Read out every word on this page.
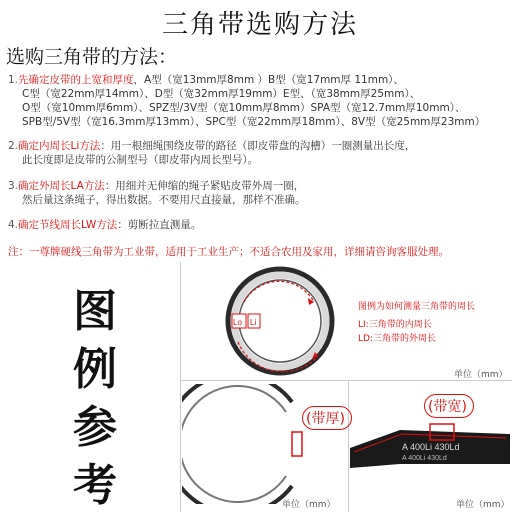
三角带选购方法
选购三角带的方法：

1.先确定皮带的上宽和厚度，A型（宽13mm厚8mm ）B型（宽17mm厚 11mm）、

C型（宽22mm厚14mm）、D型（宽32mm厚19mm）E型、（宽38mm厚25mm）、

O型（宽10mm厚6mm）、SPZ型/3V型（宽10mm厚8mm）SPA型（宽12.7mm厚10mm）、

SPB型/5V型（宽16.3mm厚13mm）、SPC型（宽22mm厚18mm）、8V型（宽25mm厚23mm）

2.确定内周长Li方法：用一根细绳围绕皮带的路径（即皮带盘的沟槽）一圈测量出长度，

此长度即是皮带的公制型号（即皮带内周长型号）。

3.确定外周长LA方法：用细并无伸缩的绳子紧贴皮带外周一圈，

然后量这条绳子，得出数据。不要用尺直接量，那样不准确。

4.确定节线周长LW方法：剪断拉直测量。

注：一尊牌硬线三角带为工业带，适用于工业生产；不适合农用及家用，详细请咨询客服处理。
图
例
参
考
Lo Li
图例为如何测量三角带的周长
LI:三角带的内周长
LD:三角带的外周长
单位（mm）
(带厚)
单位（mm）
(带宽)
A 400Li 430Ld
A 400Li 430Ld
单位（mm）
